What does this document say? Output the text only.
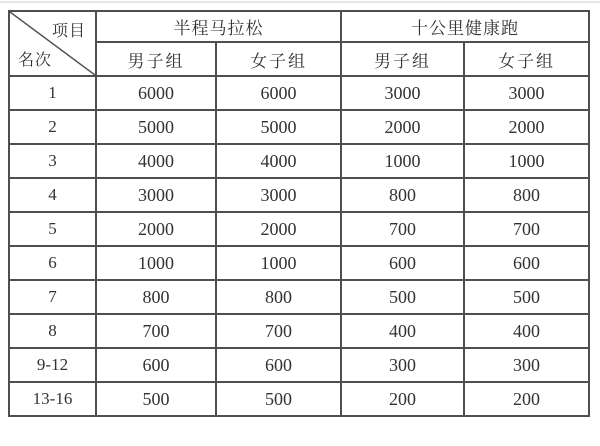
项目
名次	半程马拉松		十公里健康跑	
	男子组	女子组	男子组	女子组
1	6000	6000	3000	3000
2	5000	5000	2000	2000
3	4000	4000	1000	1000
4	3000	3000	800	800
5	2000	2000	700	700
6	1000	1000	600	600
7	800	800	500	500
8	700	700	400	400
9-12	600	600	300	300
13-16	500	500	200	200
